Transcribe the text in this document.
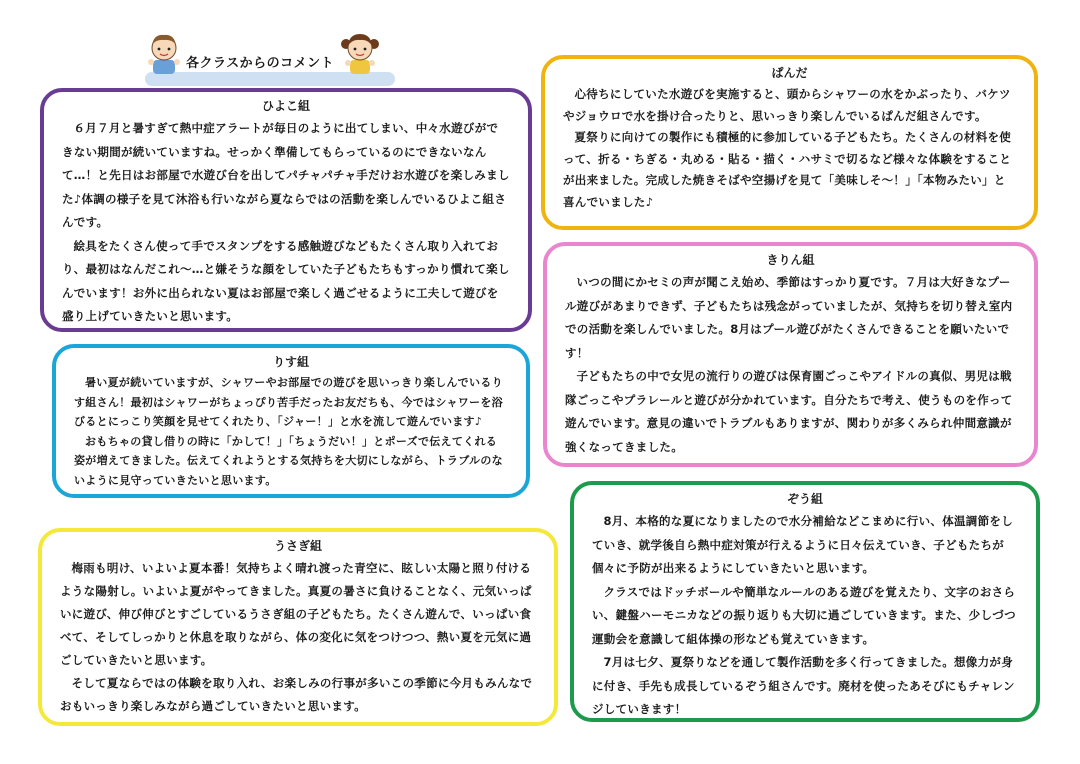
各クラスからのコメント
ひよこ組

６月７月と暑すぎて熱中症アラートが毎日のように出てしまい、中々水遊びができない期間が続いていますね。せっかく準備してもらっているのにできないなんて…！と先日はお部屋で水遊び台を出してパチャパチャ手だけお水遊びを楽しみました♪体調の様子を見て沐浴も行いながら夏ならではの活動を楽しんでいるひよこ組さんです。

絵具をたくさん使って手でスタンプをする感触遊びなどもたくさん取り入れており、最初はなんだこれ〜…と嫌そうな顔をしていた子どもたちもすっかり慣れて楽しんでいます！お外に出られない夏はお部屋で楽しく過ごせるように工夫して遊びを盛り上げていきたいと思います。

りす組

暑い夏が続いていますが、シャワーやお部屋での遊びを思いっきり楽しんでいるりす組さん！最初はシャワーがちょっぴり苦手だったお友だちも、今ではシャワーを浴びるとにっこり笑顔を見せてくれたり、「ジャー！」と水を流して遊んでいます♪

おもちゃの貸し借りの時に「かして！」「ちょうだい！」とポーズで伝えてくれる姿が増えてきました。伝えてくれようとする気持ちを大切にしながら、トラブルのないように見守っていきたいと思います。

うさぎ組

梅雨も明け、いよいよ夏本番！気持ちよく晴れ渡った青空に、眩しい太陽と照り付けるような陽射し。いよいよ夏がやってきました。真夏の暑さに負けることなく、元気いっぱいに遊び、伸び伸びとすごしているうさぎ組の子どもたち。たくさん遊んで、いっぱい食べて、そしてしっかりと休息を取りながら、体の変化に気をつけつつ、熱い夏を元気に過ごしていきたいと思います。

そして夏ならではの体験を取り入れ、お楽しみの行事が多いこの季節に今月もみんなでおもいっきり楽しみながら過ごしていきたいと思います。

ぱんだ

心待ちにしていた水遊びを実施すると、頭からシャワーの水をかぶったり、バケツやジョウロで水を掛け合ったりと、思いっきり楽しんでいるぱんだ組さんです。

夏祭りに向けての製作にも積極的に参加している子どもたち。たくさんの材料を使って、折る・ちぎる・丸める・貼る・描く・ハサミで切るなど様々な体験をすることが出来ました。完成した焼きそばや空揚げを見て「美味しそ〜！」「本物みたい」と喜んでいました♪

きりん組

いつの間にかセミの声が聞こえ始め、季節はすっかり夏です。７月は大好きなプール遊びがあまりできず、子どもたちは残念がっていましたが、気持ちを切り替え室内での活動を楽しんでいました。8月はプール遊びがたくさんできることを願いたいです！

子どもたちの中で女児の流行りの遊びは保育園ごっこやアイドルの真似、男児は戦隊ごっこやプラレールと遊びが分かれています。自分たちで考え、使うものを作って遊んでいます。意見の違いでトラブルもありますが、関わりが多くみられ仲間意識が強くなってきました。

ぞう組

8月、本格的な夏になりましたので水分補給などこまめに行い、体温調節をしていき、就学後自ら熱中症対策が行えるように日々伝えていき、子どもたちが個々に予防が出来るようにしていきたいと思います。

クラスではドッチボールや簡単なルールのある遊びを覚えたり、文字のおさらい、鍵盤ハーモニカなどの振り返りも大切に過ごしていきます。また、少しづつ運動会を意識して組体操の形なども覚えていきます。

7月は七夕、夏祭りなどを通して製作活動を多く行ってきました。想像力が身に付き、手先も成長しているぞう組さんです。廃材を使ったあそびにもチャレンジしていきます！
